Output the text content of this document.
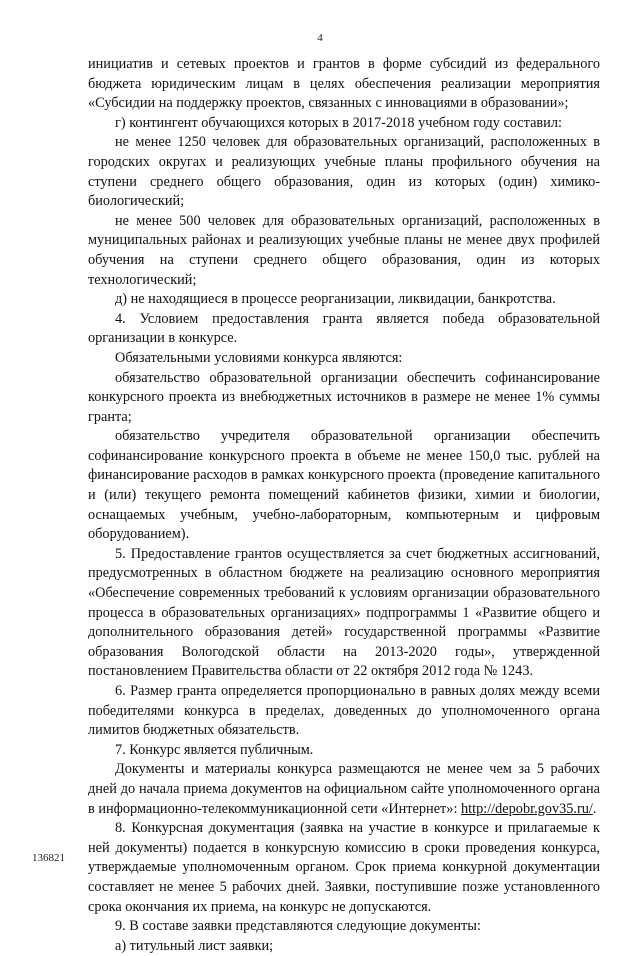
4

инициатив и сетевых проектов и грантов в форме субсидий из федерального бюджета юридическим лицам в целях обеспечения реализации мероприятия «Субсидии на поддержку проектов, связанных с инновациями в образовании»;

г) контингент обучающихся которых в 2017-2018 учебном году составил:

не менее 1250 человек для образовательных организаций, расположенных в городских округах и реализующих учебные планы профильного обучения на ступени среднего общего образования, один из которых (один) химико-биологический;

не менее 500 человек для образовательных организаций, расположенных в муниципальных районах и реализующих учебные планы не менее двух профилей обучения на ступени среднего общего образования, один из которых технологический;

д) не находящиеся в процессе реорганизации, ликвидации, банкротства.

4. Условием предоставления гранта является победа образовательной организации в конкурсе.

Обязательными условиями конкурса являются:

обязательство образовательной организации обеспечить софинансирование конкурсного проекта из внебюджетных источников в размере не менее 1% суммы гранта;

обязательство учредителя образовательной организации обеспечить софинансирование конкурсного проекта в объеме не менее 150,0 тыс. рублей на финансирование расходов в рамках конкурсного проекта (проведение капитального и (или) текущего ремонта помещений кабинетов физики, химии и биологии, оснащаемых учебным, учебно-лабораторным, компьютерным и цифровым оборудованием).

5. Предоставление грантов осуществляется за счет бюджетных ассигнований, предусмотренных в областном бюджете на реализацию основного мероприятия «Обеспечение современных требований к условиям организации образовательного процесса в образовательных организациях» подпрограммы 1 «Развитие общего и дополнительного образования детей» государственной программы «Развитие образования Вологодской области на 2013-2020 годы», утвержденной постановлением Правительства области от 22 октября 2012 года № 1243.

6. Размер гранта определяется пропорционально в равных долях между всеми победителями конкурса в пределах, доведенных до уполномоченного органа лимитов бюджетных обязательств.

7. Конкурс является публичным.

Документы и материалы конкурса размещаются не менее чем за 5 рабочих дней до начала приема документов на официальном сайте уполномоченного органа в информационно-телекоммуникационной сети «Интернет»: http://depobr.gov35.ru/.

8. Конкурсная документация (заявка на участие в конкурсе и прилагаемые к ней документы) подается в конкурсную комиссию в сроки проведения конкурса, утверждаемые уполномоченным органом. Срок приема конкурной документации составляет не менее 5 рабочих дней. Заявки, поступившие позже установленного срока окончания их приема, на конкурс не допускаются.

9. В составе заявки представляются следующие документы:

а) титульный лист заявки;

136821
